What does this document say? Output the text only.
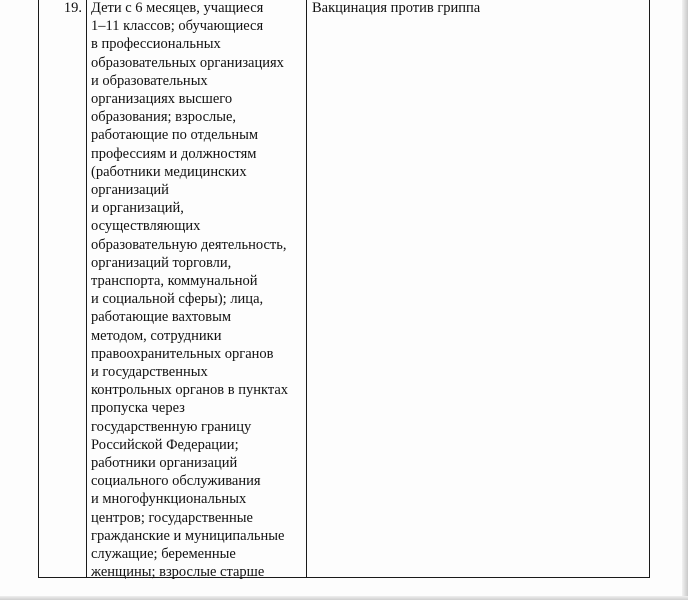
19. Дети с 6 месяцев, учащиеся
1–11 классов; обучающиеся
в профессиональных
образовательных организациях
и образовательных
организациях высшего
образования; взрослые,
работающие по отдельным
профессиям и должностям
(работники медицинских
организаций
и организаций,
осуществляющих
образовательную деятельность,
организаций торговли,
транспорта, коммунальной
и социальной сферы); лица,
работающие вахтовым
методом, сотрудники
правоохранительных органов
и государственных
контрольных органов в пунктах
пропуска через
государственную границу
Российской Федерации;
работники организаций
социального обслуживания
и многофункциональных
центров; государственные
гражданские и муниципальные
служащие; беременные
женщины; взрослые старше
Вакцинация против гриппа
